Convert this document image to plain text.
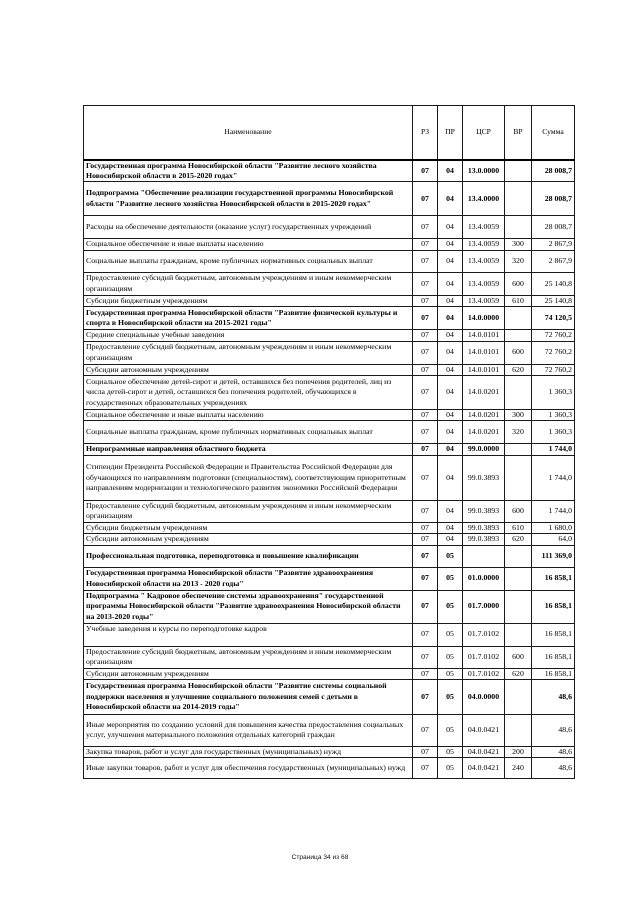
Наименование	РЗ	ПР	ЦСР	ВР	Сумма
Государственная программа Новосибирской области "Развитие лесного хозяйства Новосибирской области в 2015-2020 годах"	07	04	13.0.0000		28 008,7
Подпрограмма "Обеспечение реализации государственной программы Новосибирской области "Развитие лесного хозяйства Новосибирской области в 2015-2020 годах"	07	04	13.4.0000		28 008,7
Расходы на обеспечение деятельности (оказание услуг) государственных учреждений	07	04	13.4.0059		28 008,7
Социальное обеспечение и иные выплаты населению	07	04	13.4.0059	300	2 867,9
Социальные выплаты гражданам, кроме публичных нормативных социальных выплат	07	04	13.4.0059	320	2 867,9
Предоставление субсидий бюджетным, автономным учреждениям и иным некоммерческим организациям	07	04	13.4.0059	600	25 140,8
Субсидии бюджетным учреждениям	07	04	13.4.0059	610	25 140,8
Государственная программа Новосибирской области "Развитие физической культуры и спорта в Новосибирской области на 2015-2021 годы"	07	04	14.0.0000		74 120,5
Средние специальные учебные заведения	07	04	14.0.0101		72 760,2
Предоставление субсидий бюджетным, автономным учреждениям и иным некоммерческим организациям	07	04	14.0.0101	600	72 760,2
Субсидии автономным учреждениям	07	04	14.0.0101	620	72 760,2
Социальное обеспечение детей-сирот и детей, оставшихся без попечения родителей, лиц из числа детей-сирот и детей, оставшихся без попечения родителей, обучающихся в государственных образовательных учреждениях	07	04	14.0.0201		1 360,3
Социальное обеспечение и иные выплаты населению	07	04	14.0.0201	300	1 360,3
Социальные выплаты гражданам, кроме публичных нормативных социальных выплат	07	04	14.0.0201	320	1 360,3
Непрограммные направления областного бюджета	07	04	99.0.0000		1 744,0
Стипендии Президента Российской Федерации и Правительства Российской Федерации для обучающихся по направлениям подготовки (специальностям), соответствующим приоритетным направлениям модернизации и технологического развития экономики Российской Федерации	07	04	99.0.3893		1 744,0
Предоставление субсидий бюджетным, автономным учреждениям и иным некоммерческим организациям	07	04	99.0.3893	600	1 744,0
Субсидии бюджетным учреждениям	07	04	99.0.3893	610	1 680,0
Субсидии автономным учреждениям	07	04	99.0.3893	620	64,0
Профессиональная подготовка, переподготовка и повышение квалификации	07	05			111 369,0
Государственная программа Новосибирской области "Развитие здравоохранения Новосибирской области на 2013 - 2020 годы"	07	05	01.0.0000		16 858,1
Подпрограмма " Кадровое обеспечение системы здравоохранения" государственной программы Новосибирской области "Развитие здравоохранения Новосибирской области на 2013-2020 годы"	07	05	01.7.0000		16 858,1
Учебные заведения и курсы по переподготовке кадров	07	05	01.7.0102		16 858,1
Предоставление субсидий бюджетным, автономным учреждениям и иным некоммерческим организациям	07	05	01.7.0102	600	16 858,1
Субсидии автономным учреждениям	07	05	01.7.0102	620	16 858,1
Государственная программа Новосибирской области "Развитие системы социальной поддержки населения и улучшение социального положения семей с детьми в Новосибирской области на 2014-2019 годы"	07	05	04.0.0000		48,6
Иные мероприятия по созданию условий для повышения качества предоставления социальных услуг, улучшения материального положения отдельных категорий граждан	07	05	04.0.0421		48,6
Закупка товаров, работ и услуг для государственных (муниципальных) нужд	07	05	04.0.0421	200	48,6
Иные закупки товаров, работ и услуг для обеспечения государственных (муниципальных) нужд	07	05	04.0.0421	240	48,6
Страница 34 из 68
